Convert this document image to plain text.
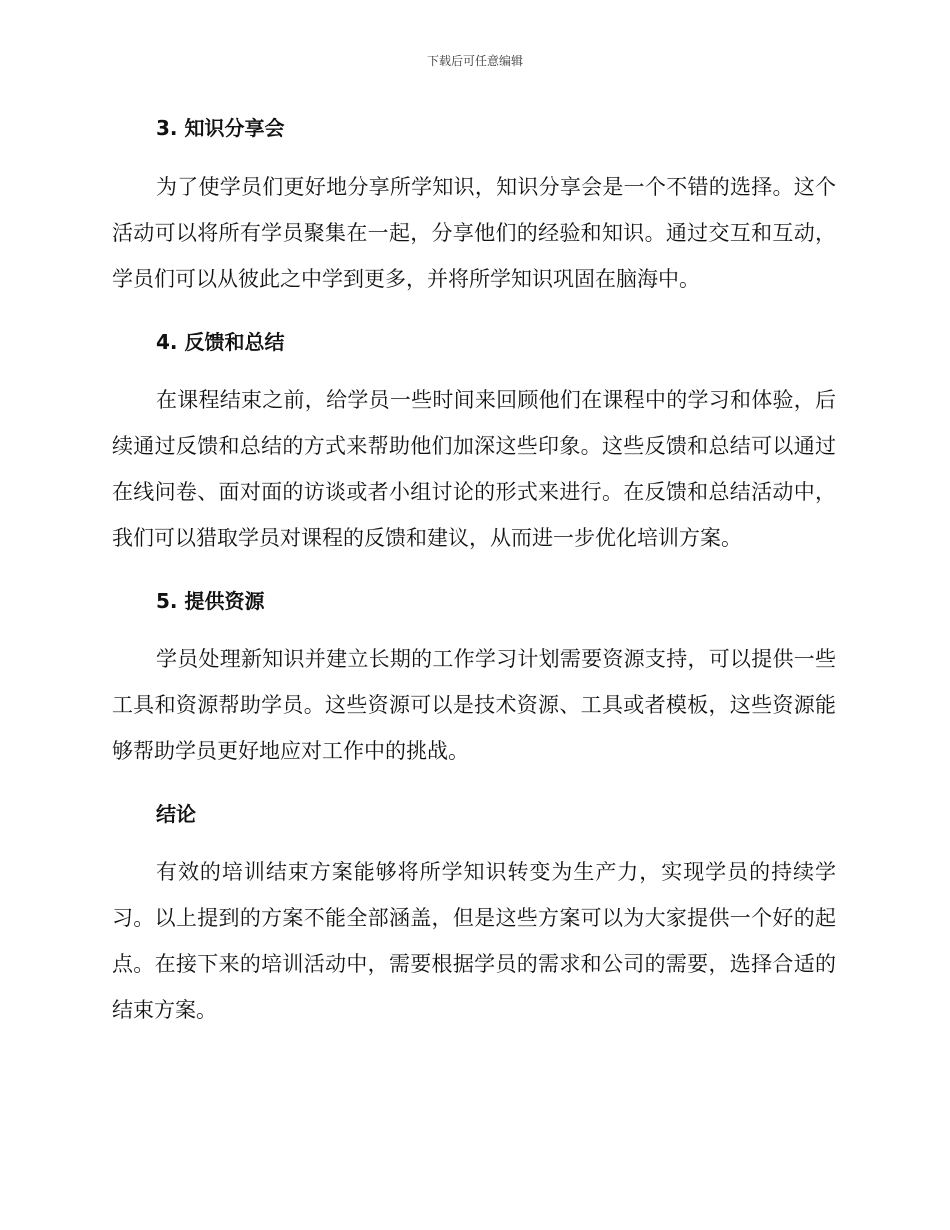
下载后可任意编辑
3. 知识分享会

为了使学员们更好地分享所学知识，知识分享会是一个不错的选择。这个活动可以将所有学员聚集在一起，分享他们的经验和知识。通过交互和互动，学员们可以从彼此之中学到更多，并将所学知识巩固在脑海中。

4. 反馈和总结

在课程结束之前，给学员一些时间来回顾他们在课程中的学习和体验，后续通过反馈和总结的方式来帮助他们加深这些印象。这些反馈和总结可以通过在线问卷、面对面的访谈或者小组讨论的形式来进行。在反馈和总结活动中，我们可以猎取学员对课程的反馈和建议，从而进一步优化培训方案。

5. 提供资源

学员处理新知识并建立长期的工作学习计划需要资源支持，可以提供一些工具和资源帮助学员。这些资源可以是技术资源、工具或者模板，这些资源能够帮助学员更好地应对工作中的挑战。

结论

有效的培训结束方案能够将所学知识转变为生产力，实现学员的持续学习。以上提到的方案不能全部涵盖，但是这些方案可以为大家提供一个好的起点。在接下来的培训活动中，需要根据学员的需求和公司的需要，选择合适的结束方案。
